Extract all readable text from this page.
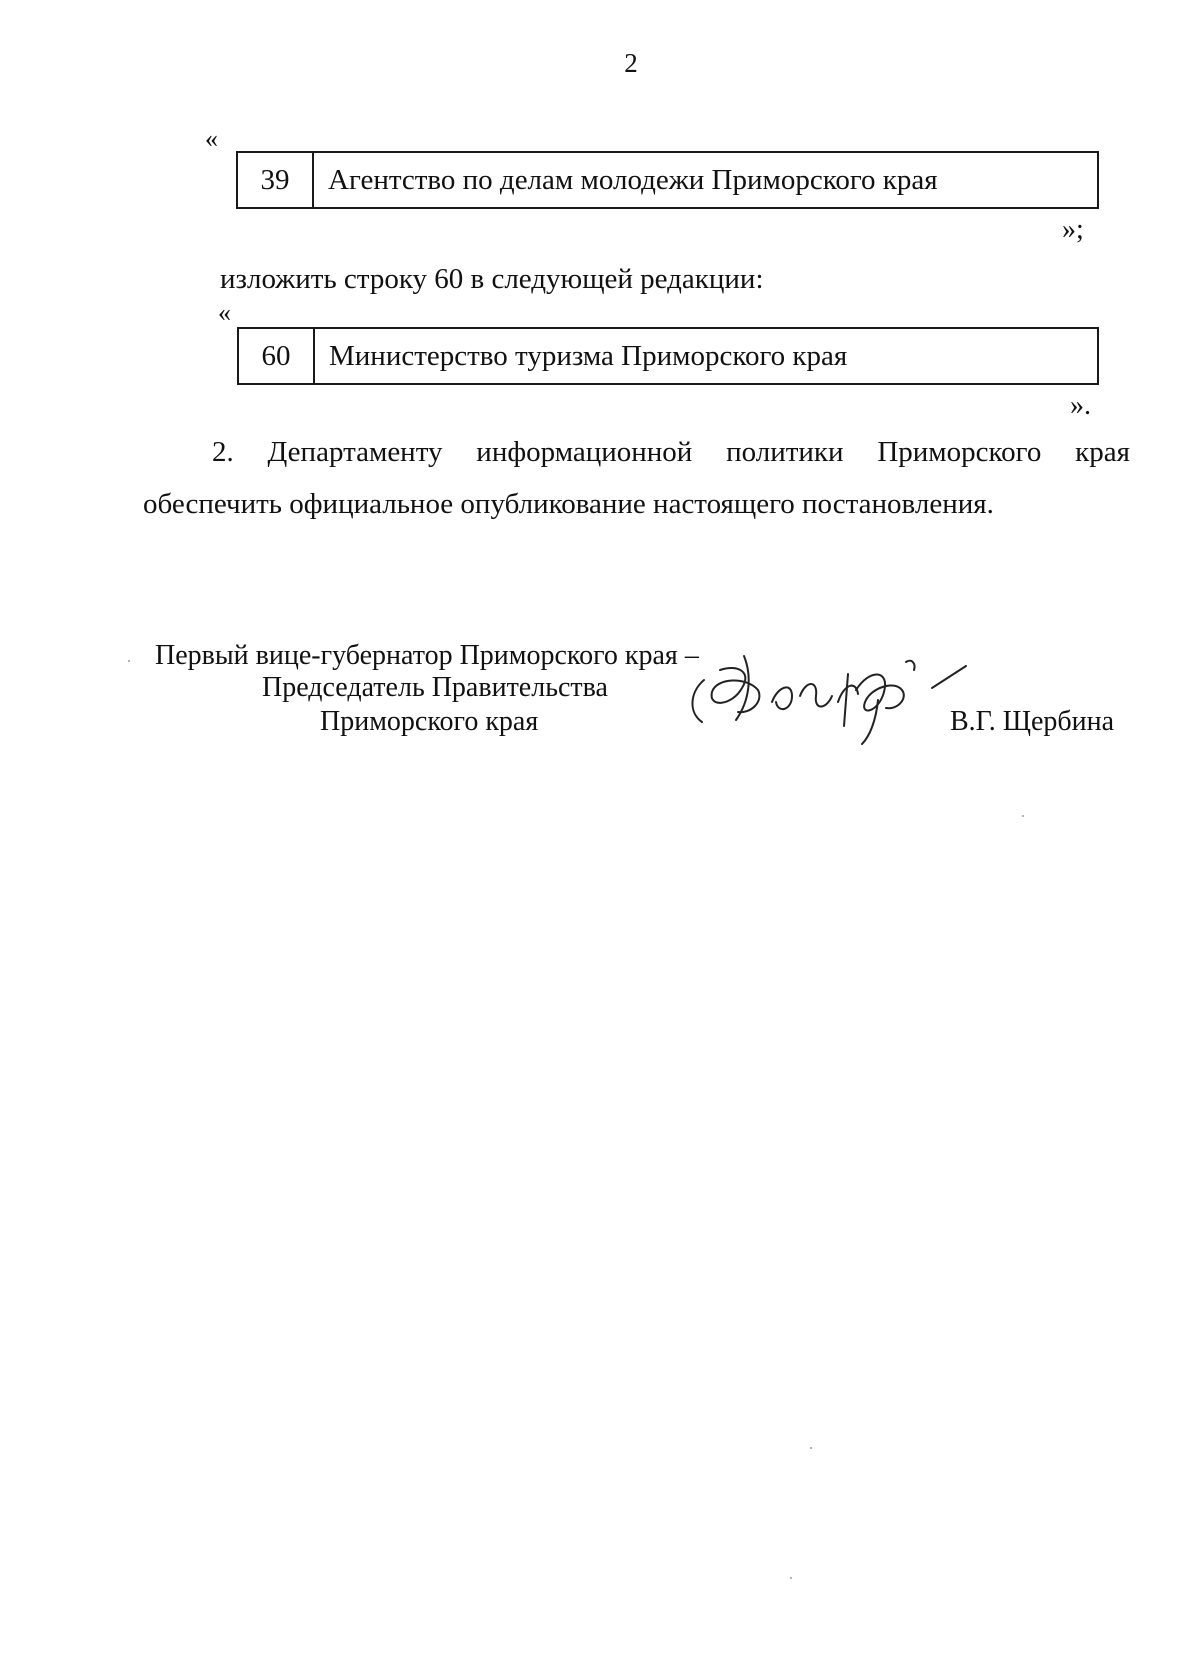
2
«
39	Агентство по делам молодежи Приморского края
»;
изложить строку 60 в следующей редакции:
«
60	Министерство туризма Приморского края
».
2. Департаменту информационной политики Приморского края
обеспечить официальное опубликование настоящего постановления.
Первый вице-губернатор Приморского края –
Председатель Правительства
Приморского края	В.Г. Щербина
